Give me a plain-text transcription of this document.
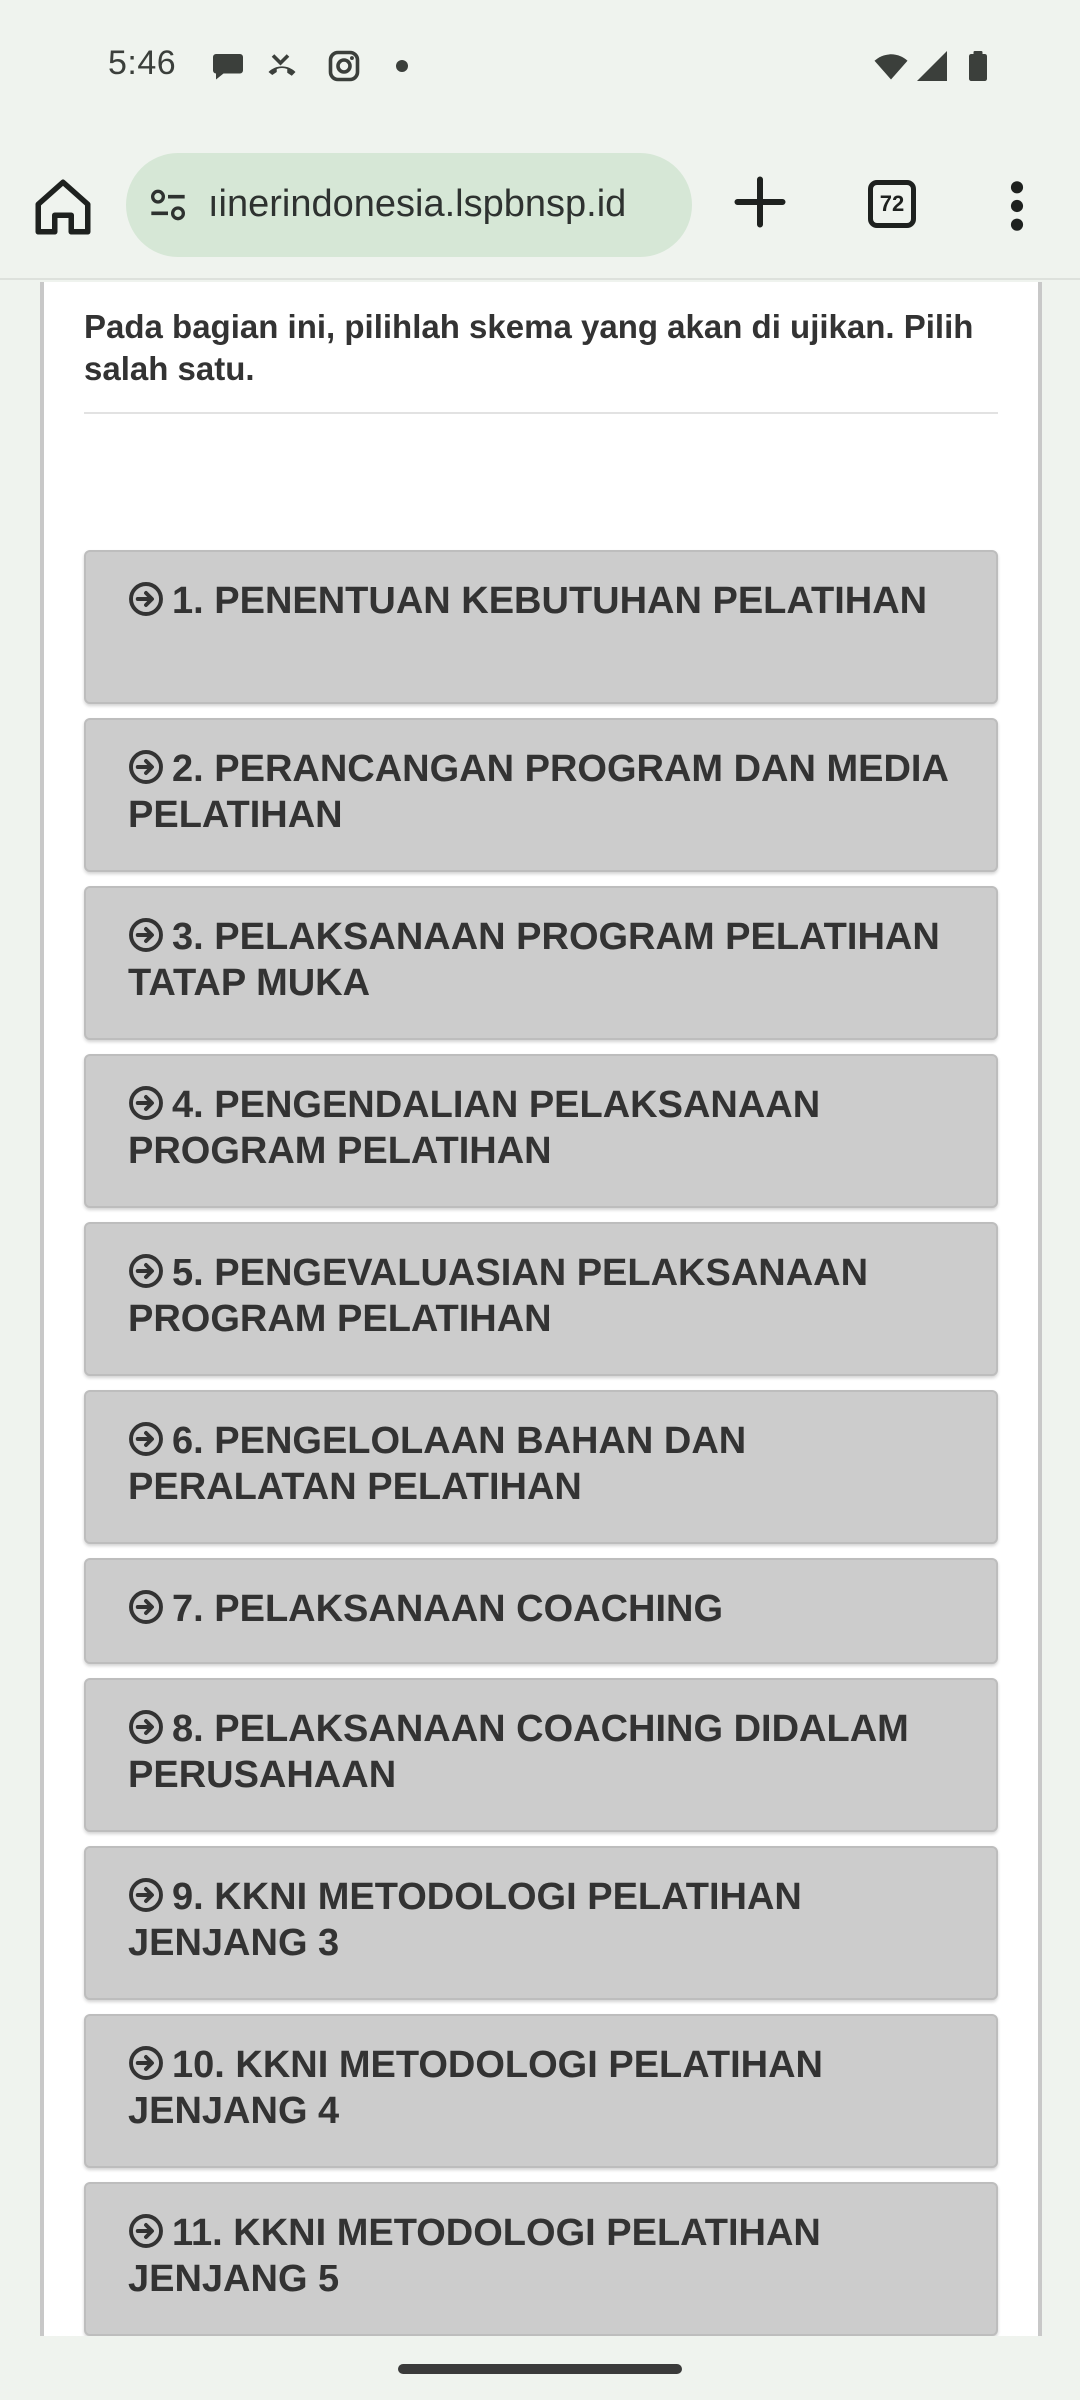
5:46
ıinerindonesia.lspbnsp.id	72

Pada bagian ini, pilihlah skema yang akan di ujikan. Pilih salah satu.

1. PENENTUAN KEBUTUHAN PELATIHAN
2. PERANCANGAN PROGRAM DAN MEDIA PELATIHAN
3. PELAKSANAAN PROGRAM PELATIHAN TATAP MUKA
4. PENGENDALIAN PELAKSANAAN PROGRAM PELATIHAN
5. PENGEVALUASIAN PELAKSANAAN PROGRAM PELATIHAN
6. PENGELOLAAN BAHAN DAN PERALATAN PELATIHAN
7. PELAKSANAAN COACHING
8. PELAKSANAAN COACHING DIDALAM PERUSAHAAN
9. KKNI METODOLOGI PELATIHAN JENJANG 3
10. KKNI METODOLOGI PELATIHAN JENJANG 4
11. KKNI METODOLOGI PELATIHAN JENJANG 5
